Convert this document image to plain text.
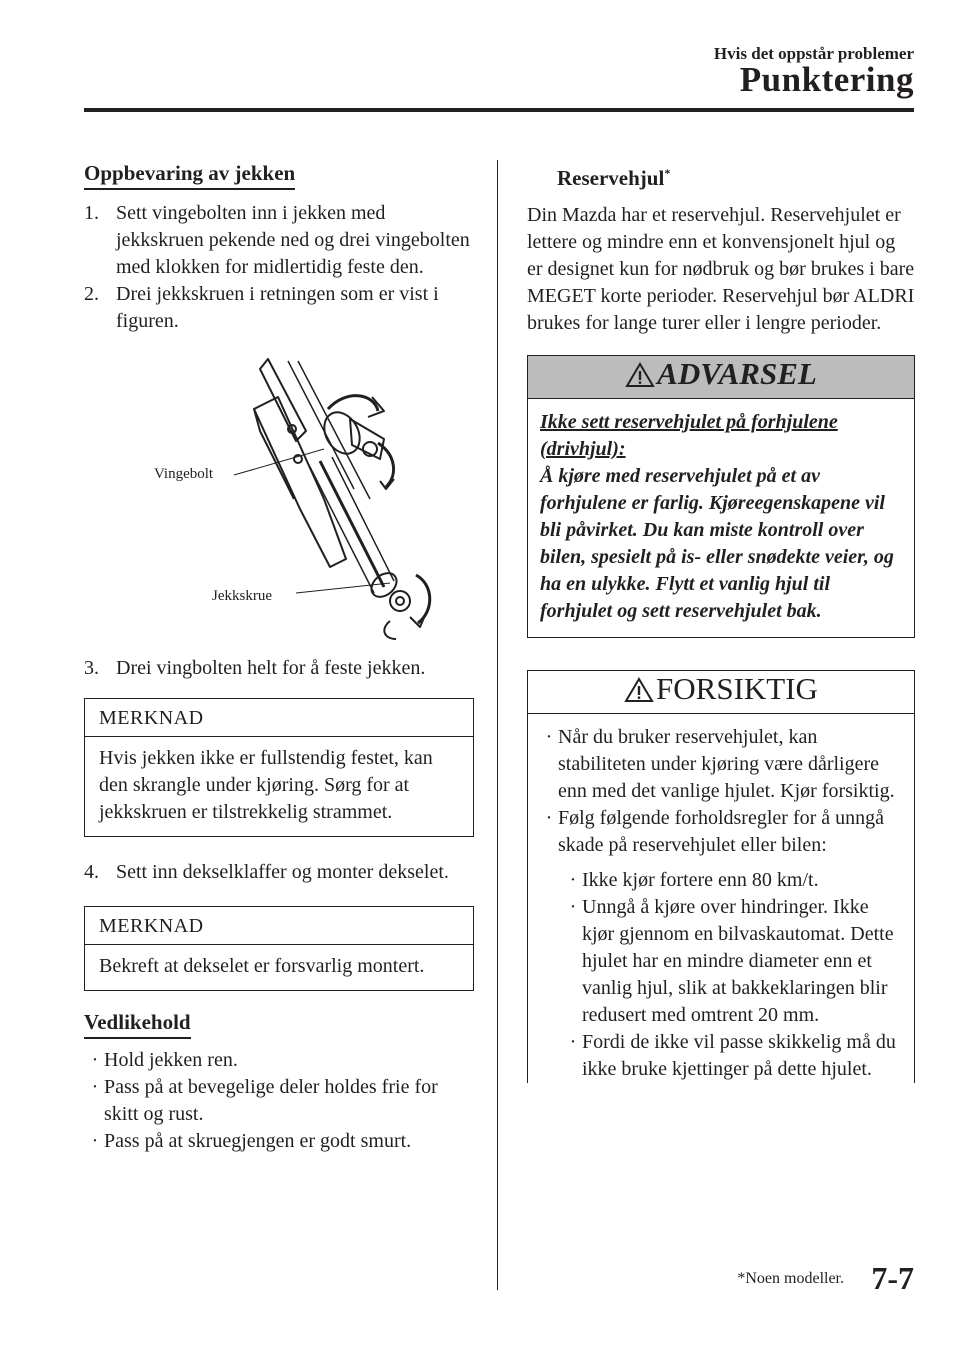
Hvis det oppstår problemer
Punktering
Oppbevaring av jekken
1. Sett vingebolten inn i jekken med jekkskruen pekende ned og drei vingebolten med klokken for midlertidig feste den.
2. Drei jekkskruen i retningen som er vist i figuren.
Vingebolt
Jekkskrue
3. Drei vingbolten helt for å feste jekken.
MERKNAD
Hvis jekken ikke er fullstendig festet, kan den skrangle under kjøring. Sørg for at jekkskruen er tilstrekkelig strammet.
4. Sett inn dekselklaffer og monter dekselet.
MERKNAD
Bekreft at dekselet er forsvarlig montert.
Vedlikehold
· Hold jekken ren.
· Pass på at bevegelige deler holdes frie for skitt og rust.
· Pass på at skruegjengen er godt smurt.
Reservehjul*
Din Mazda har et reservehjul. Reservehjulet er lettere og mindre enn et konvensjonelt hjul og er designet kun for nødbruk og bør brukes i bare MEGET korte perioder. Reservehjul bør ALDRI brukes for lange turer eller i lengre perioder.
ADVARSEL
Ikke sett reservehjulet på forhjulene (drivhjul):
Å kjøre med reservehjulet på et av forhjulene er farlig. Kjøreegenskapene vil bli påvirket. Du kan miste kontroll over bilen, spesielt på is- eller snødekte veier, og ha en ulykke. Flytt et vanlig hjul til forhjulet og sett reservehjulet bak.
FORSIKTIG
· Når du bruker reservehjulet, kan stabiliteten under kjøring være dårligere enn med det vanlige hjulet. Kjør forsiktig.
· Følg følgende forholdsregler for å unngå skade på reservehjulet eller bilen:
· Ikke kjør fortere enn 80 km/t.
· Unngå å kjøre over hindringer. Ikke kjør gjennom en bilvaskautomat. Dette hjulet har en mindre diameter enn et vanlig hjul, slik at bakkeklaringen blir redusert med omtrent 20 mm.
· Fordi de ikke vil passe skikkelig må du ikke bruke kjettinger på dette hjulet.
*Noen modeller. 7-7
